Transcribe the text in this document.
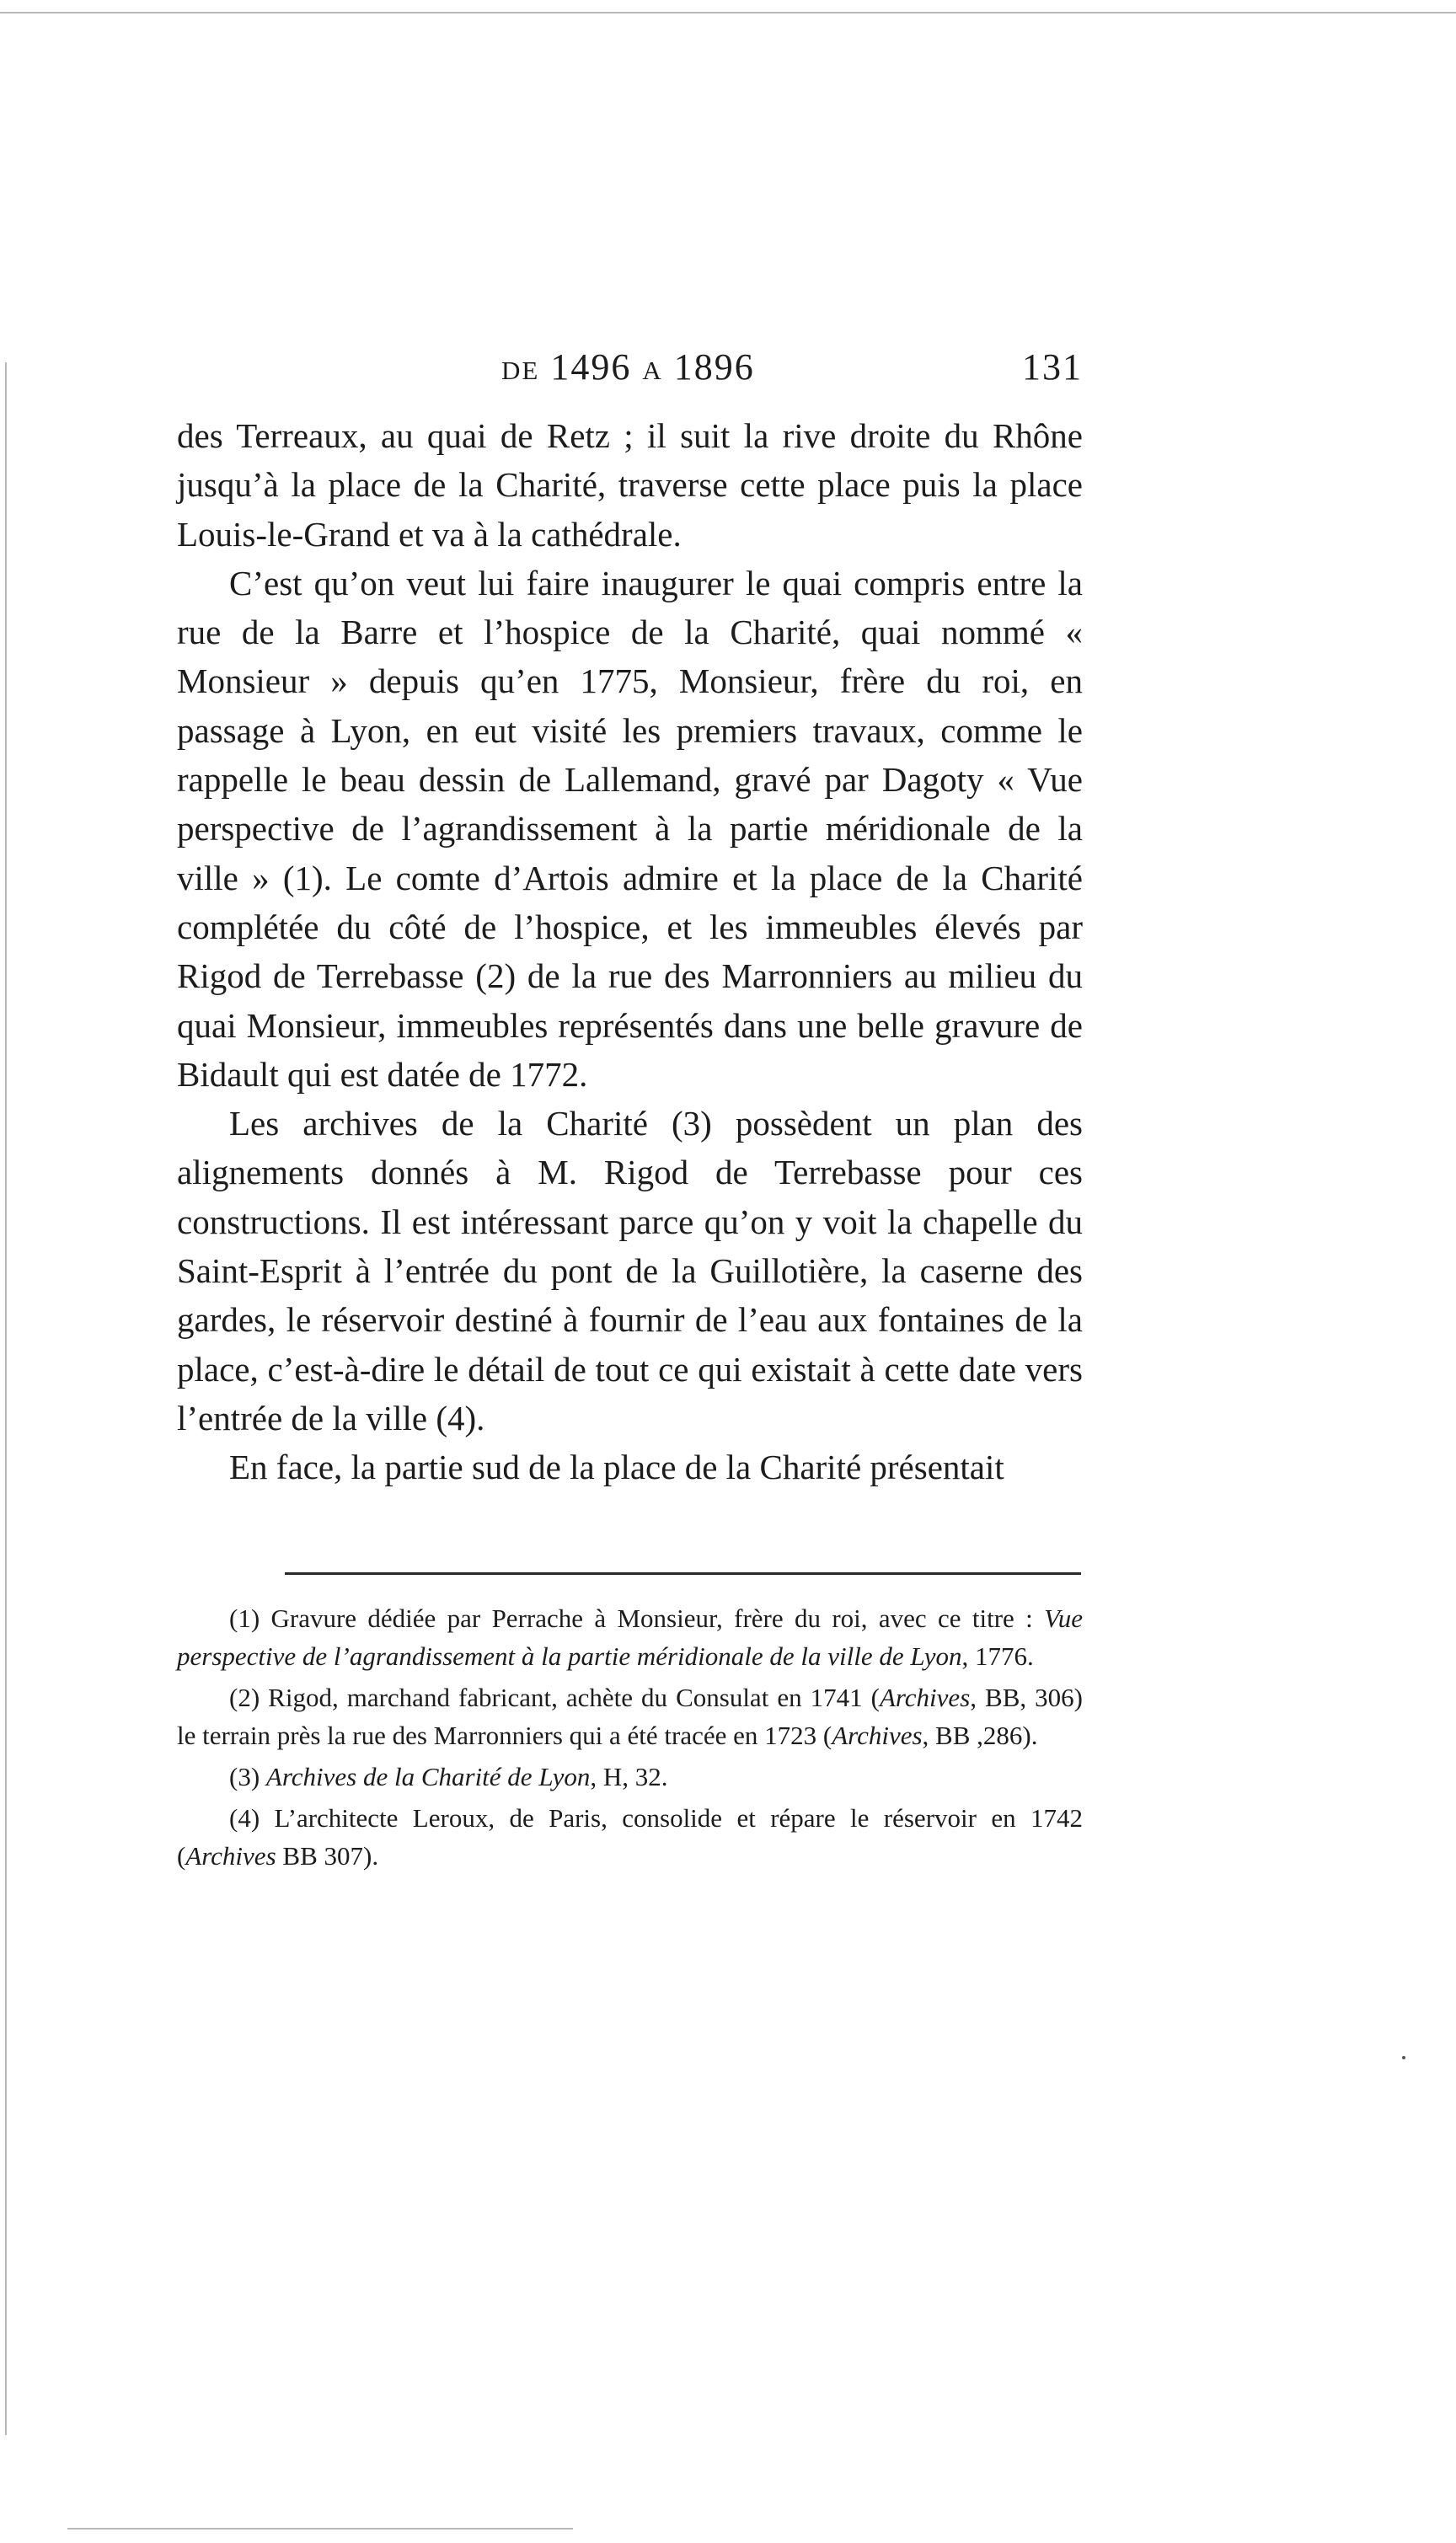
de 1496 a 1896	131

des Terreaux, au quai de Retz ; il suit la rive droite du Rhône jusqu’à la place de la Charité, traverse cette place puis la place Louis-le-Grand et va à la cathédrale.

C’est qu’on veut lui faire inaugurer le quai compris entre la rue de la Barre et l’hospice de la Charité, quai nommé « Monsieur » depuis qu’en 1775, Monsieur, frère du roi, en passage à Lyon, en eut visité les premiers travaux, comme le rappelle le beau dessin de Lallemand, gravé par Dagoty « Vue perspective de l’agrandissement à la partie méridionale de la ville » (1). Le comte d’Artois admire et la place de la Charité complétée du côté de l’hospice, et les immeubles élevés par Rigod de Terrebasse (2) de la rue des Marronniers au milieu du quai Monsieur, immeubles représentés dans une belle gravure de Bidault qui est datée de 1772.

Les archives de la Charité (3) possèdent un plan des alignements donnés à M. Rigod de Terrebasse pour ces constructions. Il est intéressant parce qu’on y voit la chapelle du Saint-Esprit à l’entrée du pont de la Guillotière, la caserne des gardes, le réservoir destiné à fournir de l’eau aux fontaines de la place, c’est-à-dire le détail de tout ce qui existait à cette date vers l’entrée de la ville (4).

En face, la partie sud de la place de la Charité présentait

(1) Gravure dédiée par Perrache à Monsieur, frère du roi, avec ce titre : Vue perspective de l’agrandissement à la partie méridionale de la ville de Lyon, 1776.

(2) Rigod, marchand fabricant, achète du Consulat en 1741 (Archives, BB, 306) le terrain près la rue des Marronniers qui a été tracée en 1723 (Archives, BB ,286).

(3) Archives de la Charité de Lyon, H, 32.

(4) L’architecte Leroux, de Paris, consolide et répare le réservoir en 1742 (Archives BB 307).
